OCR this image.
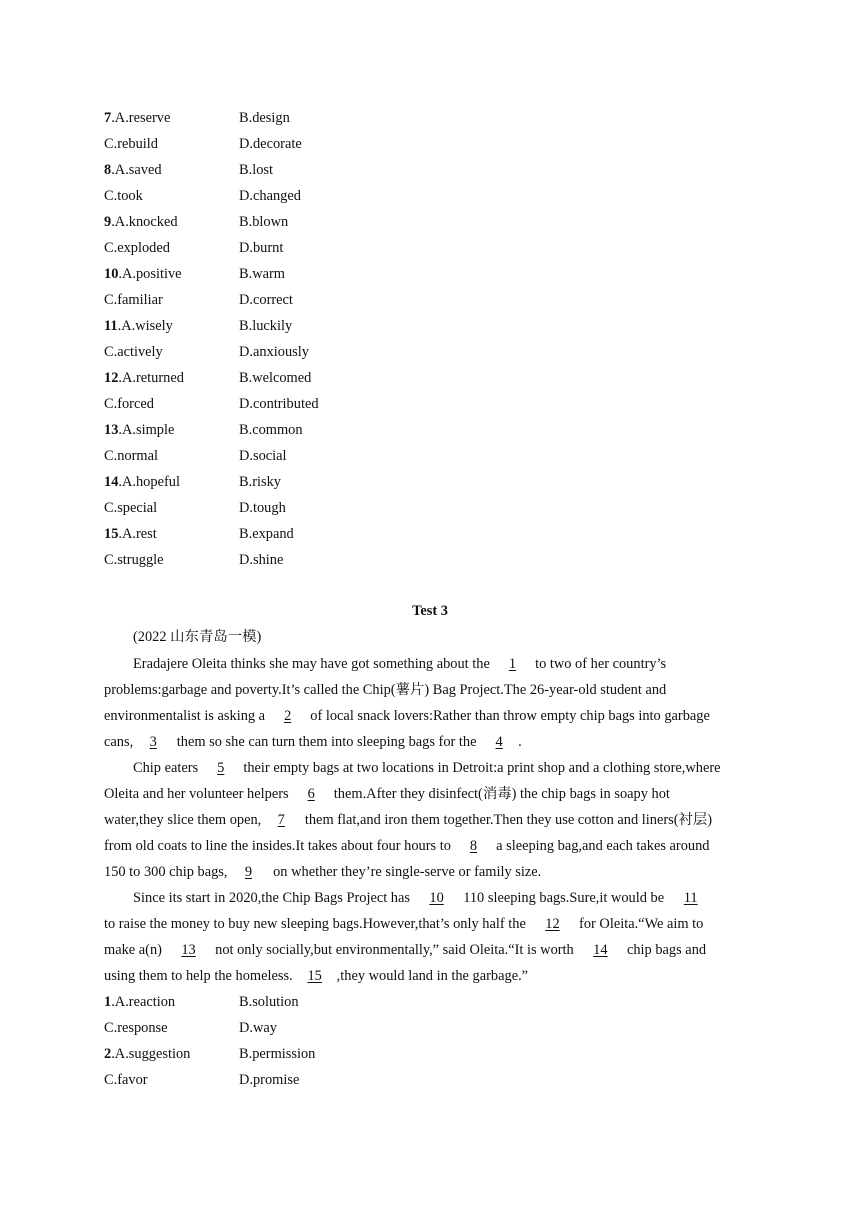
7.A.reserve	B.design
C.rebuild	D.decorate
8.A.saved	B.lost
C.took	D.changed
9.A.knocked	B.blown
C.exploded	D.burnt
10.A.positive	B.warm
C.familiar	D.correct
11.A.wisely	B.luckily
C.actively	D.anxiously
12.A.returned	B.welcomed
C.forced	D.contributed
13.A.simple	B.common
C.normal	D.social
14.A.hopeful	B.risky
C.special	D.tough
15.A.rest	B.expand
C.struggle	D.shine
Test 3
(2022 山东青岛一模)
Eradajere Oleita thinks she may have got something about the 1 to two of her country’s
problems:garbage and poverty.It’s called the Chip(薯片) Bag Project.The 26-year-old student and
environmentalist is asking a 2 of local snack lovers:Rather than throw empty chip bags into garbage
cans, 3 them so she can turn them into sleeping bags for the 4 .
Chip eaters 5 their empty bags at two locations in Detroit:a print shop and a clothing store,where
Oleita and her volunteer helpers 6 them.After they disinfect(消毒) the chip bags in soapy hot
water,they slice them open, 7 them flat,and iron them together.Then they use cotton and liners(衬层)
from old coats to line the insides.It takes about four hours to 8 a sleeping bag,and each takes around
150 to 300 chip bags, 9 on whether they’re single-serve or family size.
Since its start in 2020,the Chip Bags Project has 10 110 sleeping bags.Sure,it would be 11
to raise the money to buy new sleeping bags.However,that’s only half the 12 for Oleita.“We aim to
make a(n) 13 not only socially,but environmentally,” said Oleita.“It is worth 14 chip bags and
using them to help the homeless. 15 ,they would land in the garbage.”
1.A.reaction	B.solution
C.response	D.way
2.A.suggestion	B.permission
C.favor	D.promise
